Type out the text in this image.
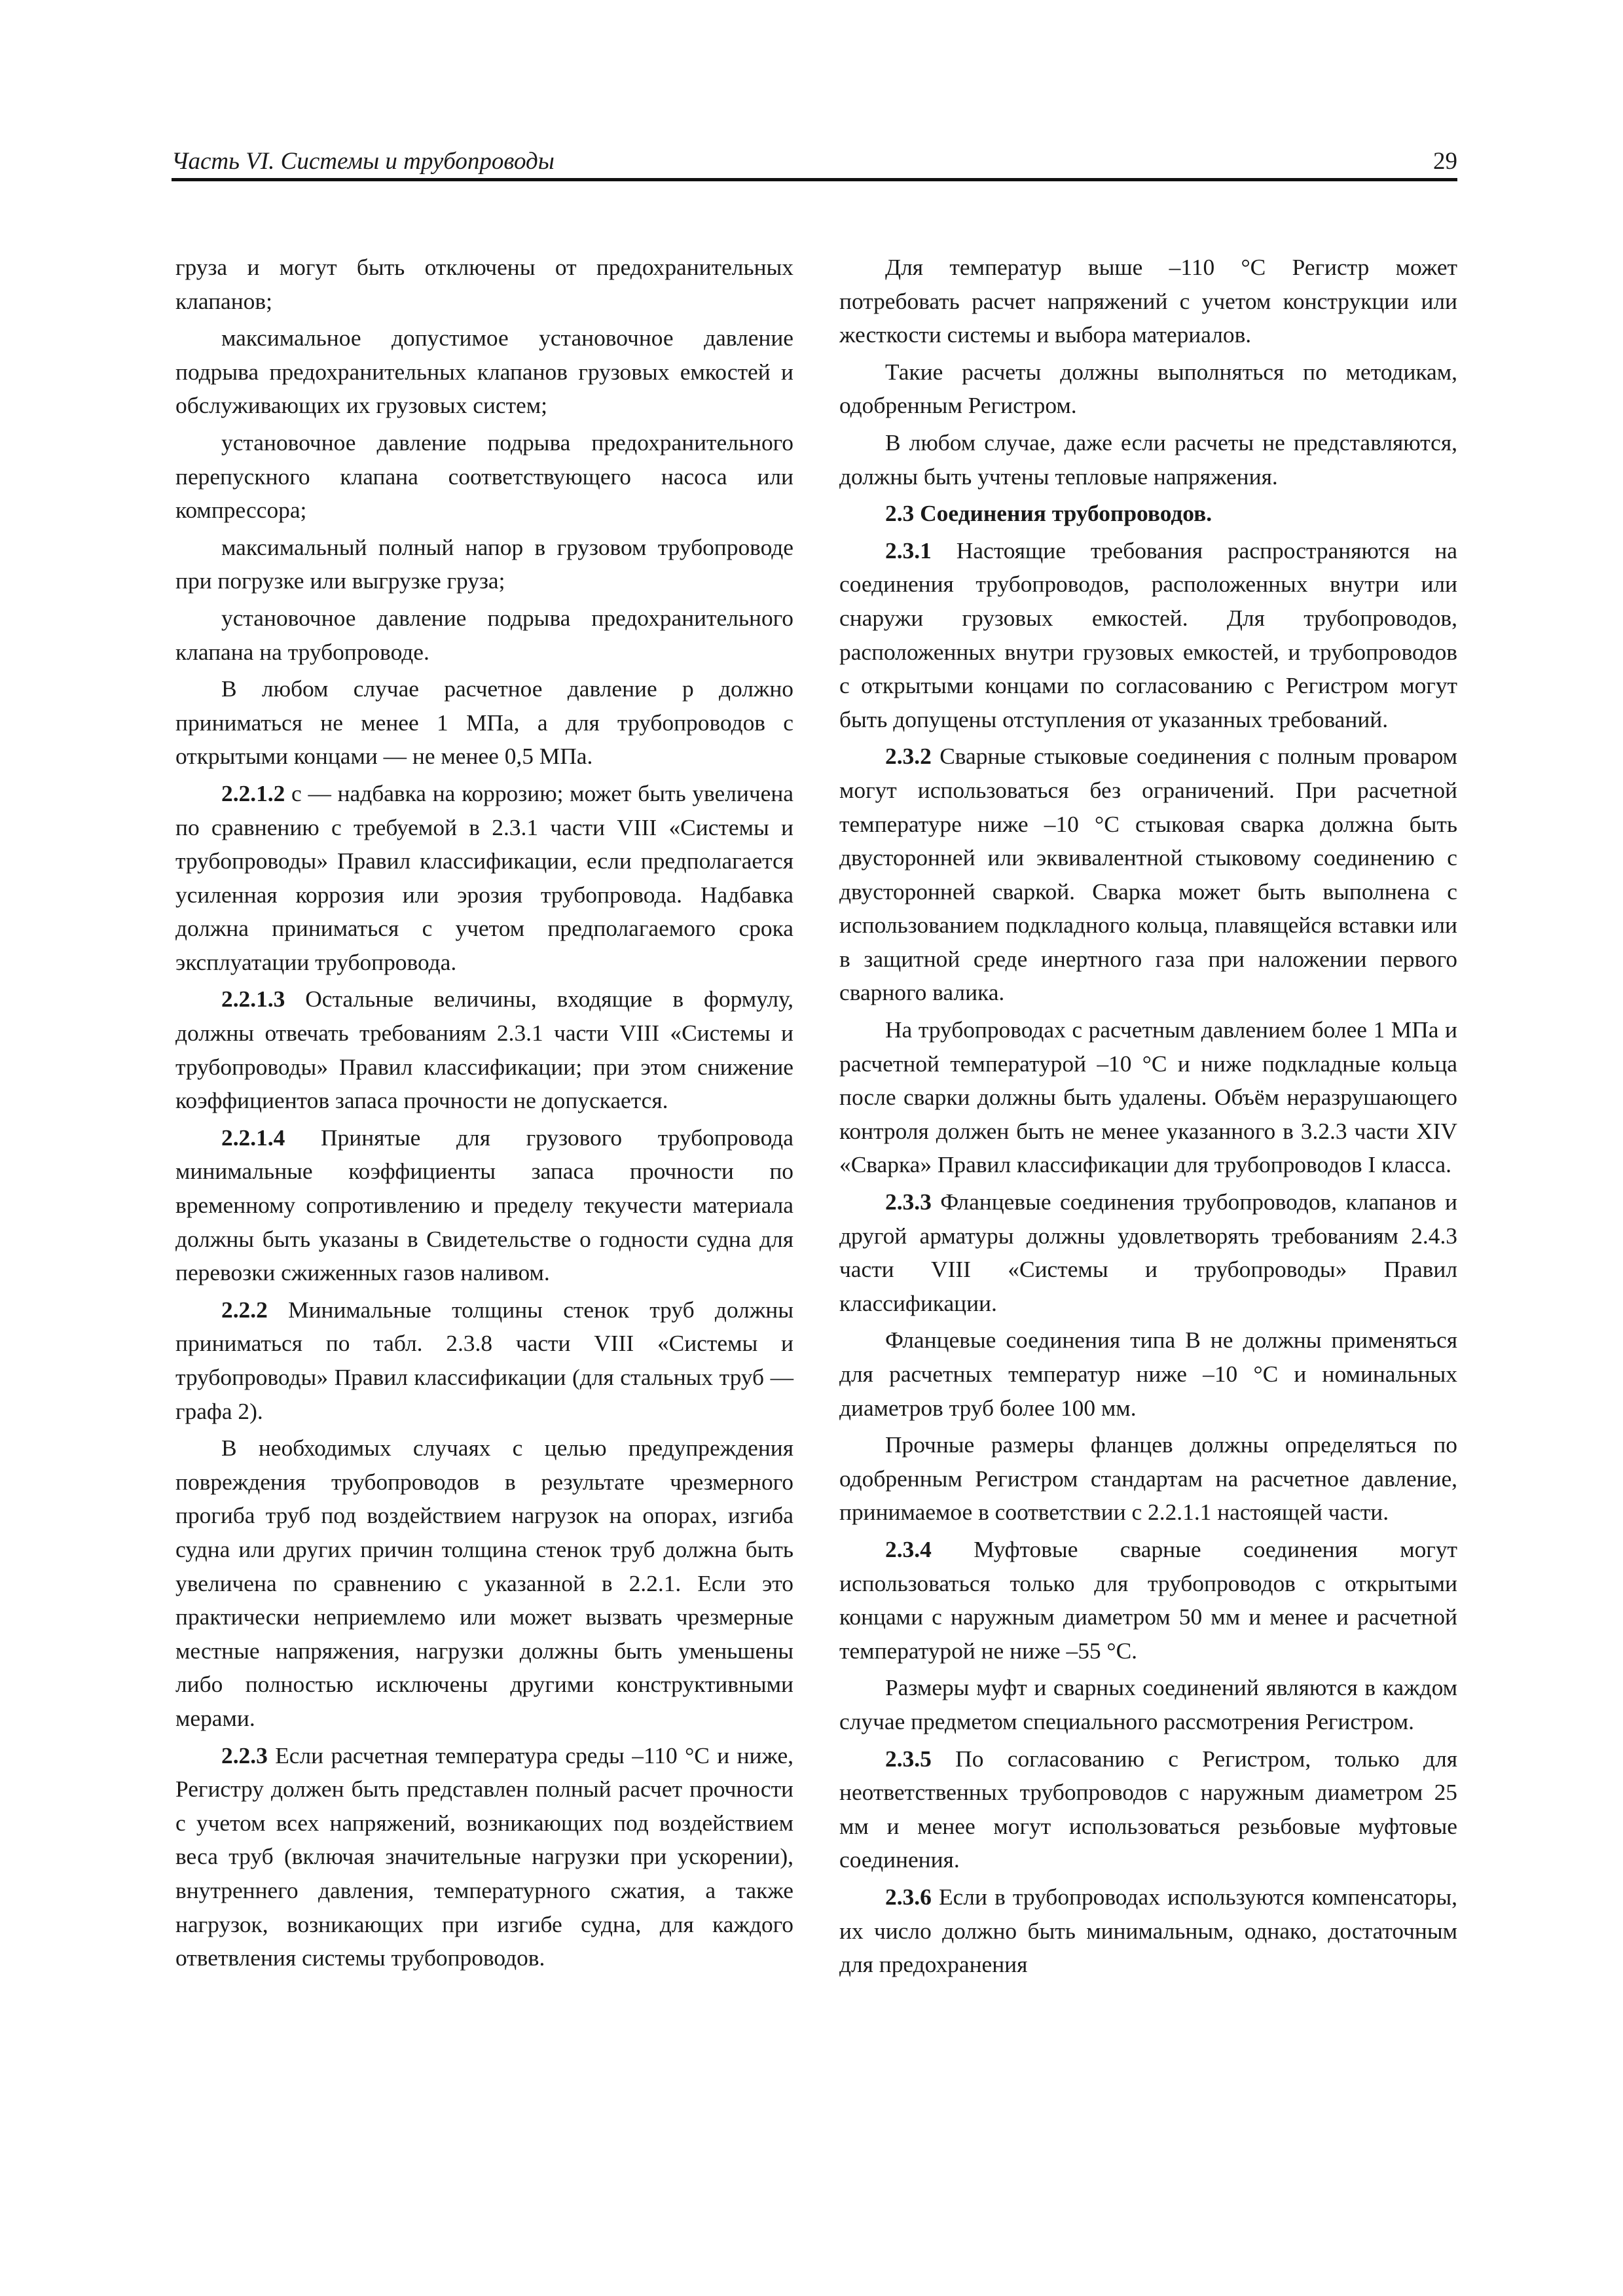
Часть VI. Системы и трубопроводы	29

груза и могут быть отключены от предохранительных клапанов;

максимальное допустимое установочное давление подрыва предохранительных клапанов грузовых емкостей и обслуживающих их грузовых систем;

установочное давление подрыва предохранительного перепускного клапана соответствующего насоса или компрессора;

максимальный полный напор в грузовом трубопроводе при погрузке или выгрузке груза;

установочное давление подрыва предохранительного клапана на трубопроводе.

В любом случае расчетное давление p должно приниматься не менее 1 МПа, а для трубопроводов с открытыми концами — не менее 0,5 МПа.

2.2.1.2 c — надбавка на коррозию; может быть увеличена по сравнению с требуемой в 2.3.1 части VIII «Системы и трубопроводы» Правил классификации, если предполагается усиленная коррозия или эрозия трубопровода. Надбавка должна приниматься с учетом предполагаемого срока эксплуатации трубопровода.

2.2.1.3 Остальные величины, входящие в формулу, должны отвечать требованиям 2.3.1 части VIII «Системы и трубопроводы» Правил классификации; при этом снижение коэффициентов запаса прочности не допускается.

2.2.1.4 Принятые для грузового трубопровода минимальные коэффициенты запаса прочности по временному сопротивлению и пределу текучести материала должны быть указаны в Свидетельстве о годности судна для перевозки сжиженных газов наливом.

2.2.2 Минимальные толщины стенок труб должны приниматься по табл. 2.3.8 части VIII «Системы и трубопроводы» Правил классификации (для стальных труб — графа 2).

В необходимых случаях с целью предупреждения повреждения трубопроводов в результате чрезмерного прогиба труб под воздействием нагрузок на опорах, изгиба судна или других причин толщина стенок труб должна быть увеличена по сравнению с указанной в 2.2.1. Если это практически неприемлемо или может вызвать чрезмерные местные напряжения, нагрузки должны быть уменьшены либо полностью исключены другими конструктивными мерами.

2.2.3 Если расчетная температура среды –110 °С и ниже, Регистру должен быть представлен полный расчет прочности с учетом всех напряжений, возникающих под воздействием веса труб (включая значительные нагрузки при ускорении), внутреннего давления, температурного сжатия, а также нагрузок, возникающих при изгибе судна, для каждого ответвления системы трубопроводов.

Для температур выше –110 °С Регистр может потребовать расчет напряжений с учетом конструкции или жесткости системы и выбора материалов.

Такие расчеты должны выполняться по методикам, одобренным Регистром.

В любом случае, даже если расчеты не представляются, должны быть учтены тепловые напряжения.

2.3 Соединения трубопроводов.

2.3.1 Настоящие требования распространяются на соединения трубопроводов, расположенных внутри или снаружи грузовых емкостей. Для трубопроводов, расположенных внутри грузовых емкостей, и трубопроводов с открытыми концами по согласованию с Регистром могут быть допущены отступления от указанных требований.

2.3.2 Сварные стыковые соединения с полным проваром могут использоваться без ограничений. При расчетной температуре ниже –10 °С стыковая сварка должна быть двусторонней или эквивалентной стыковому соединению с двусторонней сваркой. Сварка может быть выполнена с использованием подкладного кольца, плавящейся вставки или в защитной среде инертного газа при наложении первого сварного валика.

На трубопроводах с расчетным давлением более 1 МПа и расчетной температурой –10 °С и ниже подкладные кольца после сварки должны быть удалены. Объём неразрушающего контроля должен быть не менее указанного в 3.2.3 части XIV «Сварка» Правил классификации для трубопроводов I класса.

2.3.3 Фланцевые соединения трубопроводов, клапанов и другой арматуры должны удовлетворять требованиям 2.4.3 части VIII «Системы и трубопроводы» Правил классификации.

Фланцевые соединения типа В не должны применяться для расчетных температур ниже –10 °С и номинальных диаметров труб более 100 мм.

Прочные размеры фланцев должны определяться по одобренным Регистром стандартам на расчетное давление, принимаемое в соответствии с 2.2.1.1 настоящей части.

2.3.4 Муфтовые сварные соединения могут использоваться только для трубопроводов с открытыми концами с наружным диаметром 50 мм и менее и расчетной температурой не ниже –55 °С.

Размеры муфт и сварных соединений являются в каждом случае предметом специального рассмотрения Регистром.

2.3.5 По согласованию с Регистром, только для неответственных трубопроводов с наружным диаметром 25 мм и менее могут использоваться резьбовые муфтовые соединения.

2.3.6 Если в трубопроводах используются компенсаторы, их число должно быть минимальным, однако, достаточным для предохранения
